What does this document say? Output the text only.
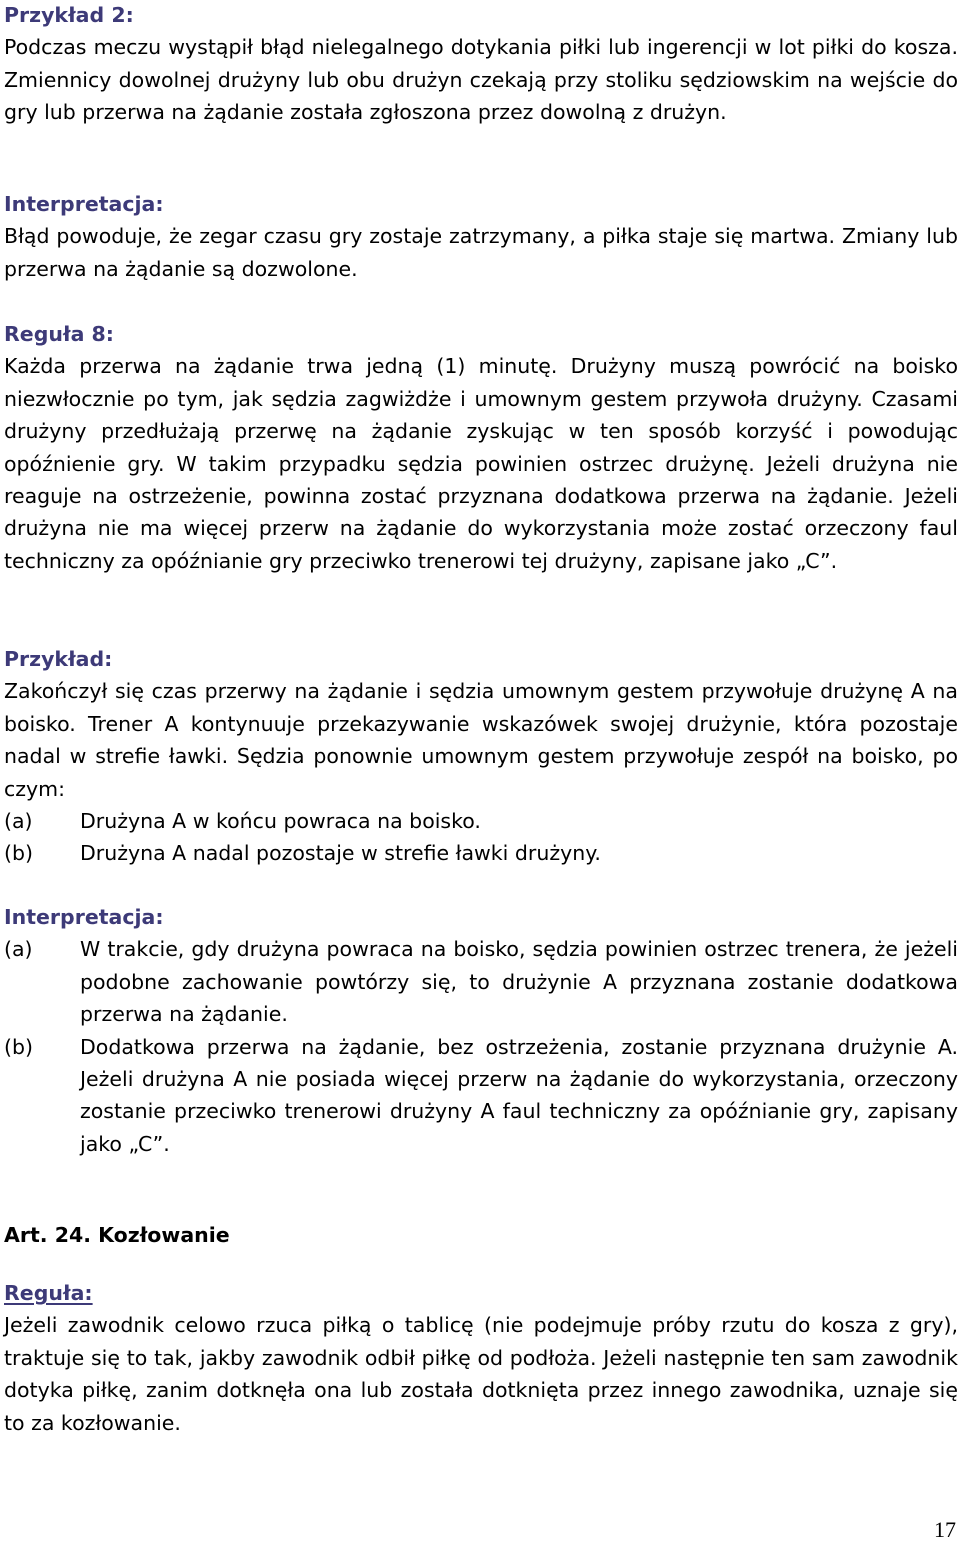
Przykład 2:

Podczas meczu wystąpił błąd nielegalnego dotykania piłki lub ingerencji w lot piłki do kosza. Zmiennicy dowolnej drużyny lub obu drużyn czekają przy stoliku sędziowskim na wejście do gry lub przerwa na żądanie została zgłoszona przez dowolną z drużyn.

Interpretacja:

Błąd powoduje, że zegar czasu gry zostaje zatrzymany, a piłka staje się martwa. Zmiany lub przerwa na żądanie są dozwolone.

Reguła 8:

Każda przerwa na żądanie trwa jedną (1) minutę. Drużyny muszą powrócić na boisko niezwłocznie po tym, jak sędzia zagwiżdże i umownym gestem przywoła drużyny. Czasami drużyny przedłużają przerwę na żądanie zyskując w ten sposób korzyść i powodując opóźnienie gry. W takim przypadku sędzia powinien ostrzec drużynę. Jeżeli drużyna nie reaguje na ostrzeżenie, powinna zostać przyznana dodatkowa przerwa na żądanie. Jeżeli drużyna nie ma więcej przerw na żądanie do wykorzystania może zostać orzeczony faul techniczny za opóźnianie gry przeciwko trenerowi tej drużyny, zapisane jako „C”.

Przykład:

Zakończył się czas przerwy na żądanie i sędzia umownym gestem przywołuje drużynę A na boisko. Trener A kontynuuje przekazywanie wskazówek swojej drużynie, która pozostaje nadal w strefie ławki. Sędzia ponownie umownym gestem przywołuje zespół na boisko, po czym:

(a)	Drużyna A w końcu powraca na boisko.
(b)	Drużyna A nadal pozostaje w strefie ławki drużyny.
Interpretacja:
(a)	W trakcie, gdy drużyna powraca na boisko, sędzia powinien ostrzec trenera, że jeżeli podobne zachowanie powtórzy się, to drużynie A przyznana zostanie dodatkowa przerwa na żądanie.
(b)	Dodatkowa przerwa na żądanie, bez ostrzeżenia, zostanie przyznana drużynie A. Jeżeli drużyna A nie posiada więcej przerw na żądanie do wykorzystania, orzeczony zostanie przeciwko trenerowi drużyny A faul techniczny za opóźnianie gry, zapisany jako „C”.
Art. 24. Kozłowanie
Reguła:

Jeżeli zawodnik celowo rzuca piłką o tablicę (nie podejmuje próby rzutu do kosza z gry), traktuje się to tak, jakby zawodnik odbił piłkę od podłoża. Jeżeli następnie ten sam zawodnik dotyka piłkę, zanim dotknęła ona lub została dotknięta przez innego zawodnika, uznaje się to za kozłowanie.

17
